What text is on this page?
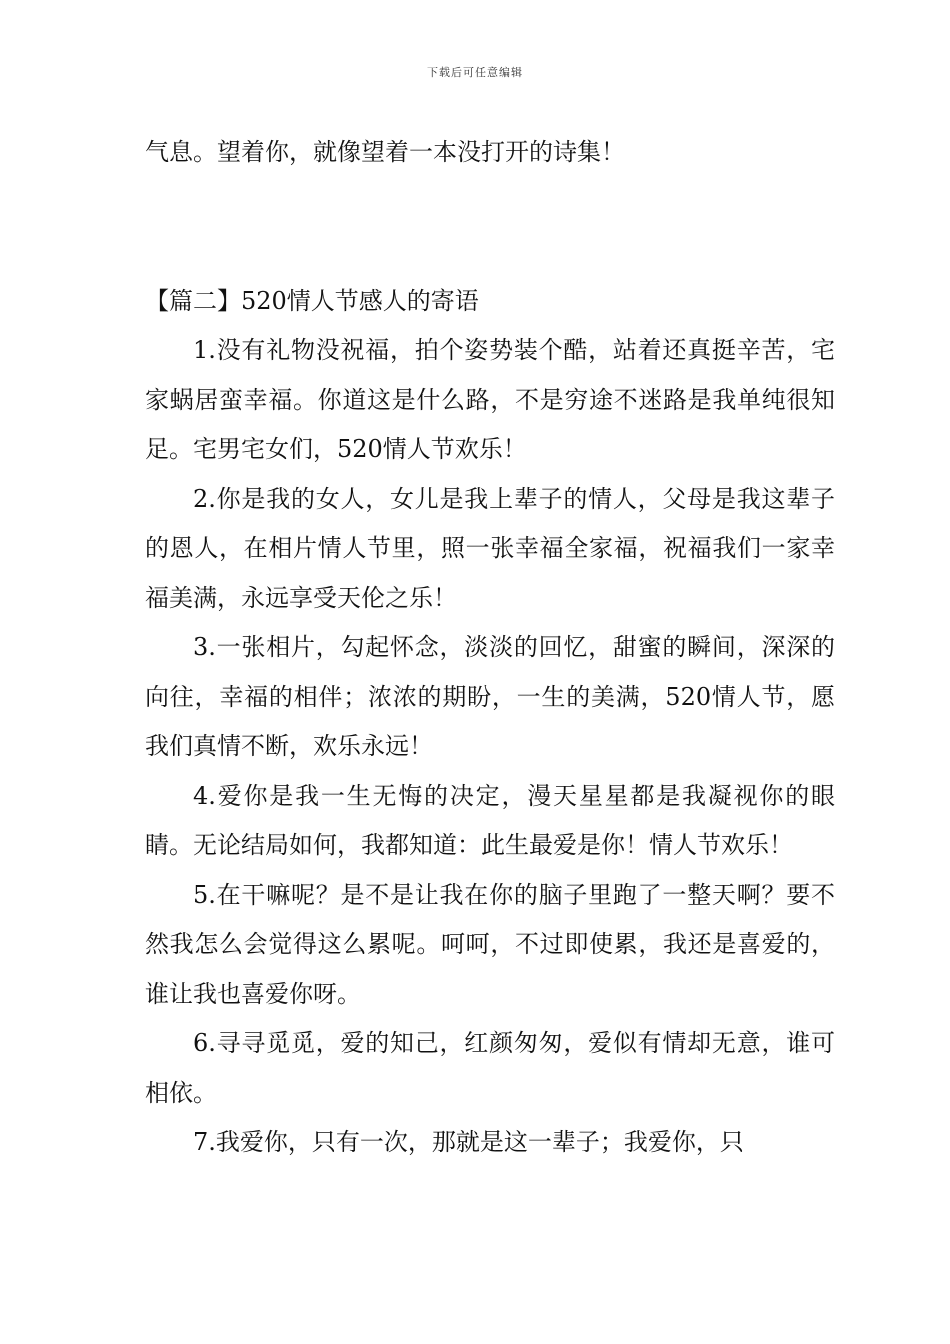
下载后可任意编辑

气息。望着你，就像望着一本没打开的诗集！

【篇二】520情人节感人的寄语

1.没有礼物没祝福，拍个姿势装个酷，站着还真挺辛苦，宅家蜗居蛮幸福。你道这是什么路，不是穷途不迷路是我单纯很知足。宅男宅女们，520情人节欢乐！

2.你是我的女人，女儿是我上辈子的情人，父母是我这辈子的恩人，在相片情人节里，照一张幸福全家福，祝福我们一家幸福美满，永远享受天伦之乐！

3.一张相片，勾起怀念，淡淡的回忆，甜蜜的瞬间，深深的向往，幸福的相伴；浓浓的期盼，一生的美满，520情人节，愿我们真情不断，欢乐永远！

4.爱你是我一生无悔的决定，漫天星星都是我凝视你的眼睛。无论结局如何，我都知道：此生最爱是你！情人节欢乐！

5.在干嘛呢？是不是让我在你的脑子里跑了一整天啊？要不然我怎么会觉得这么累呢。呵呵，不过即使累，我还是喜爱的，谁让我也喜爱你呀。

6.寻寻觅觅，爱的知己，红颜匆匆，爱似有情却无意，谁可相依。

7.我爱你，只有一次，那就是这一辈子；我爱你，只
